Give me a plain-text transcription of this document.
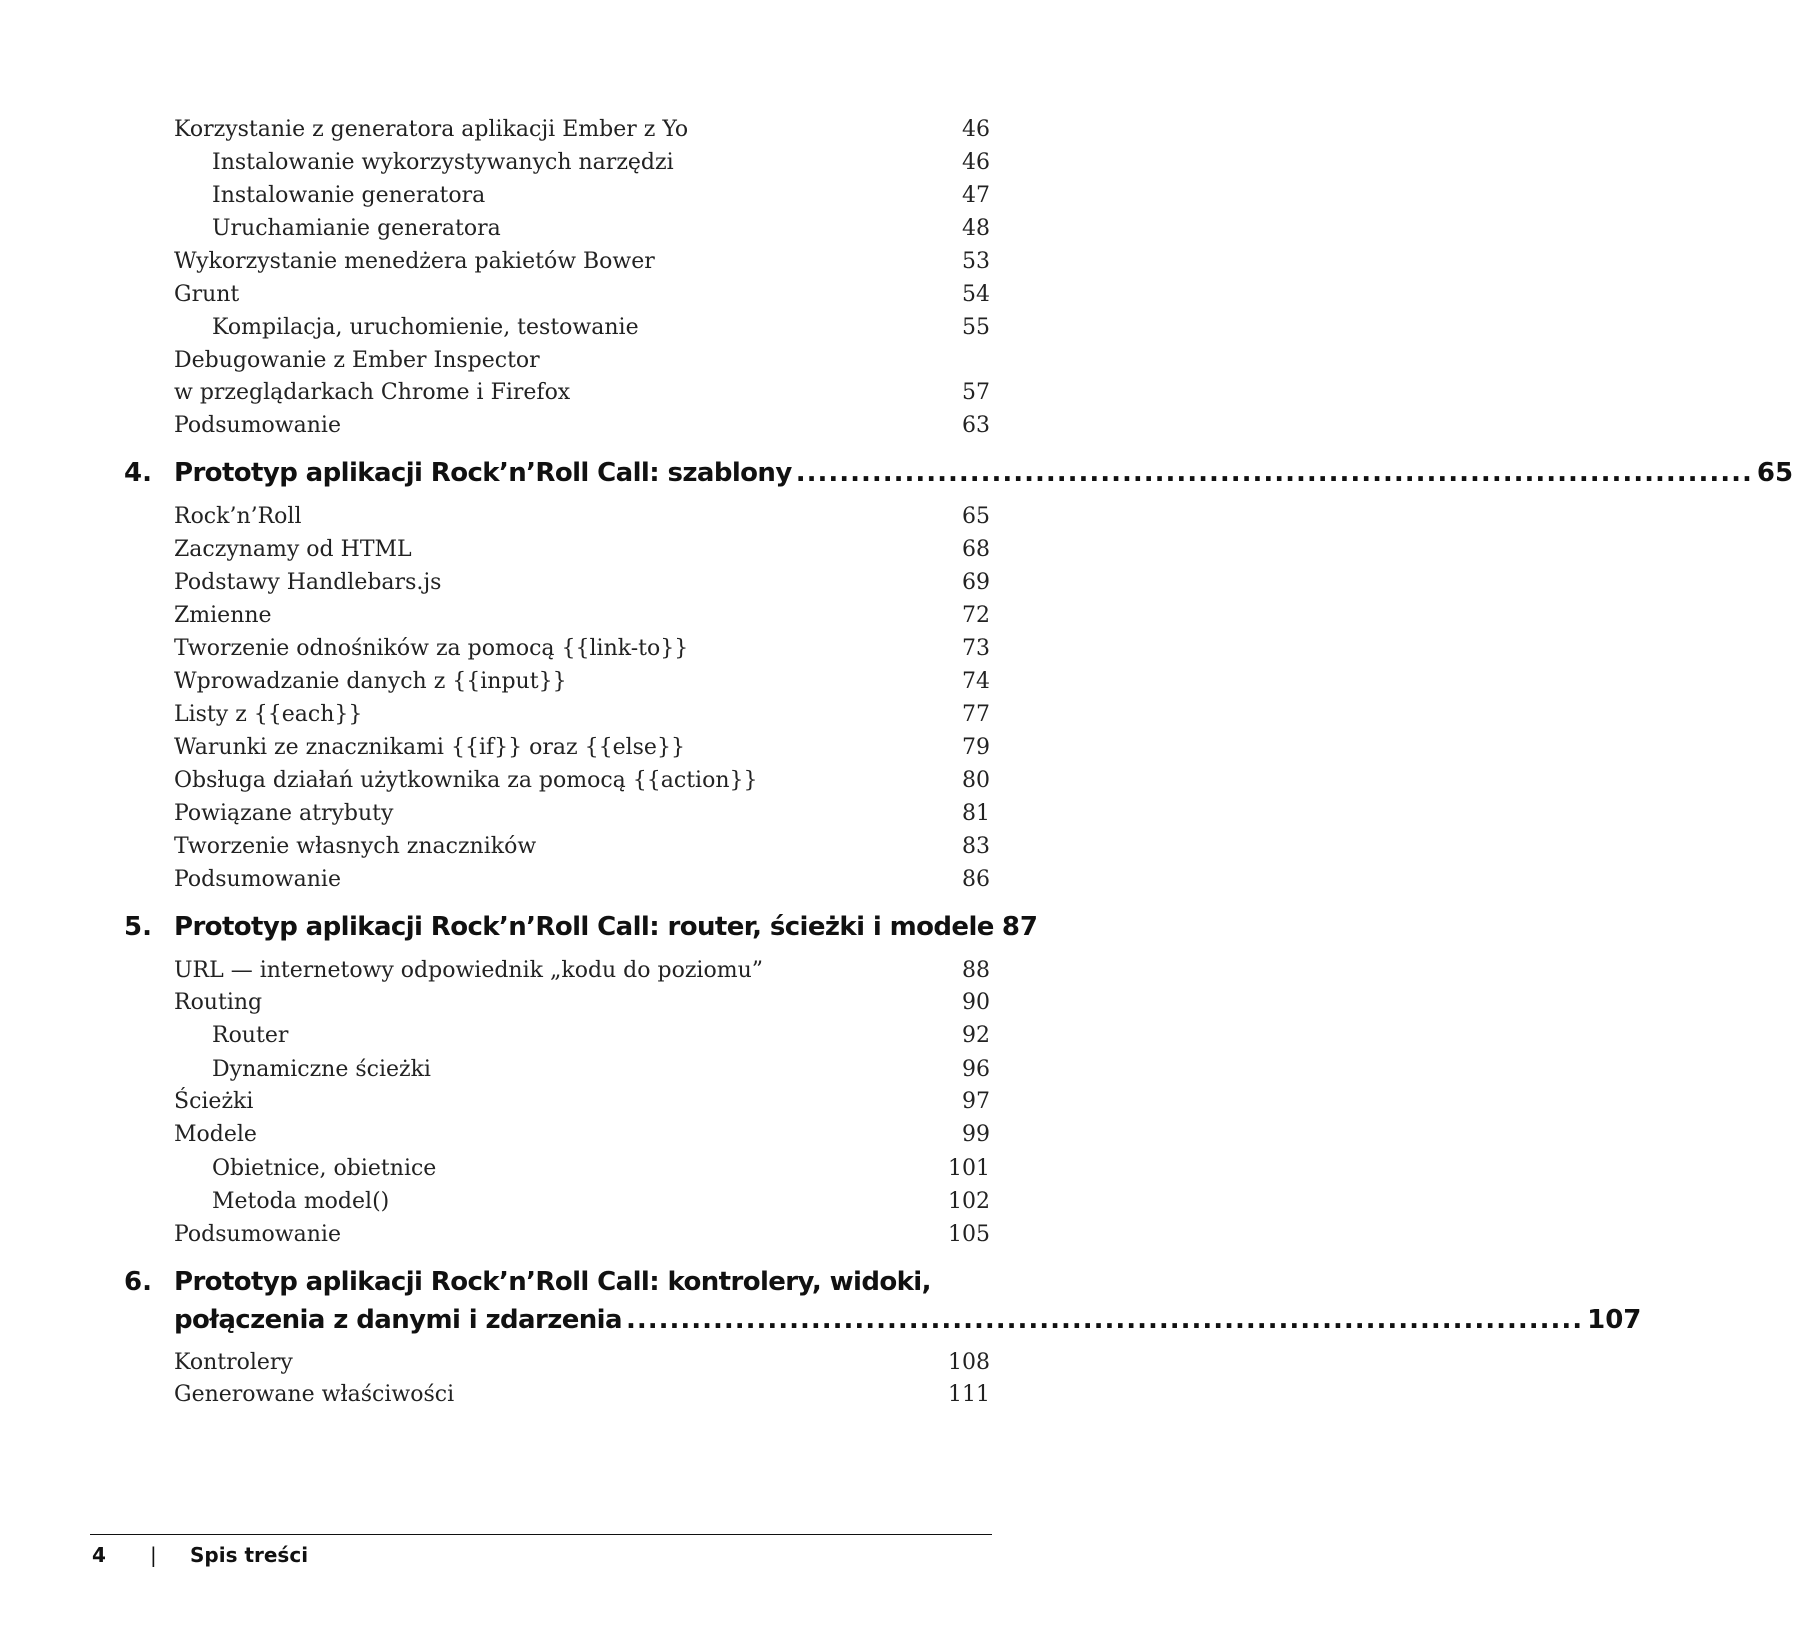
Korzystanie z generatora aplikacji Ember z Yo	46
Instalowanie wykorzystywanych narzędzi	46
Instalowanie generatora	47
Uruchamianie generatora	48
Wykorzystanie menedżera pakietów Bower	53
Grunt	54
Kompilacja, uruchomienie, testowanie	55
Debugowanie z Ember Inspector
w przeglądarkach Chrome i Firefox	57
Podsumowanie	63
4. Prototyp aplikacji Rock’n’Roll Call: szablony ........................................................................................ 65
Rock’n’Roll	65
Zaczynamy od HTML	68
Podstawy Handlebars.js	69
Zmienne	72
Tworzenie odnośników za pomocą {{link-to}}	73
Wprowadzanie danych z {{input}}	74
Listy z {{each}}	77
Warunki ze znacznikami {{if}} oraz {{else}}	79
Obsługa działań użytkownika za pomocą {{action}}	80
Powiązane atrybuty	81
Tworzenie własnych znaczników	83
Podsumowanie	86
5. Prototyp aplikacji Rock’n’Roll Call: router, ścieżki i modele 87
URL — internetowy odpowiednik „kodu do poziomu”	88
Routing	90
Router	92
Dynamiczne ścieżki	96
Ścieżki	97
Modele	99
Obietnice, obietnice	101
Metoda model()	102
Podsumowanie	105
6. Prototyp aplikacji Rock’n’Roll Call: kontrolery, widoki,
połączenia z danymi i zdarzenia ........................................................................................ 107
Kontrolery	108
Generowane właściwości	111
4 | Spis treści
